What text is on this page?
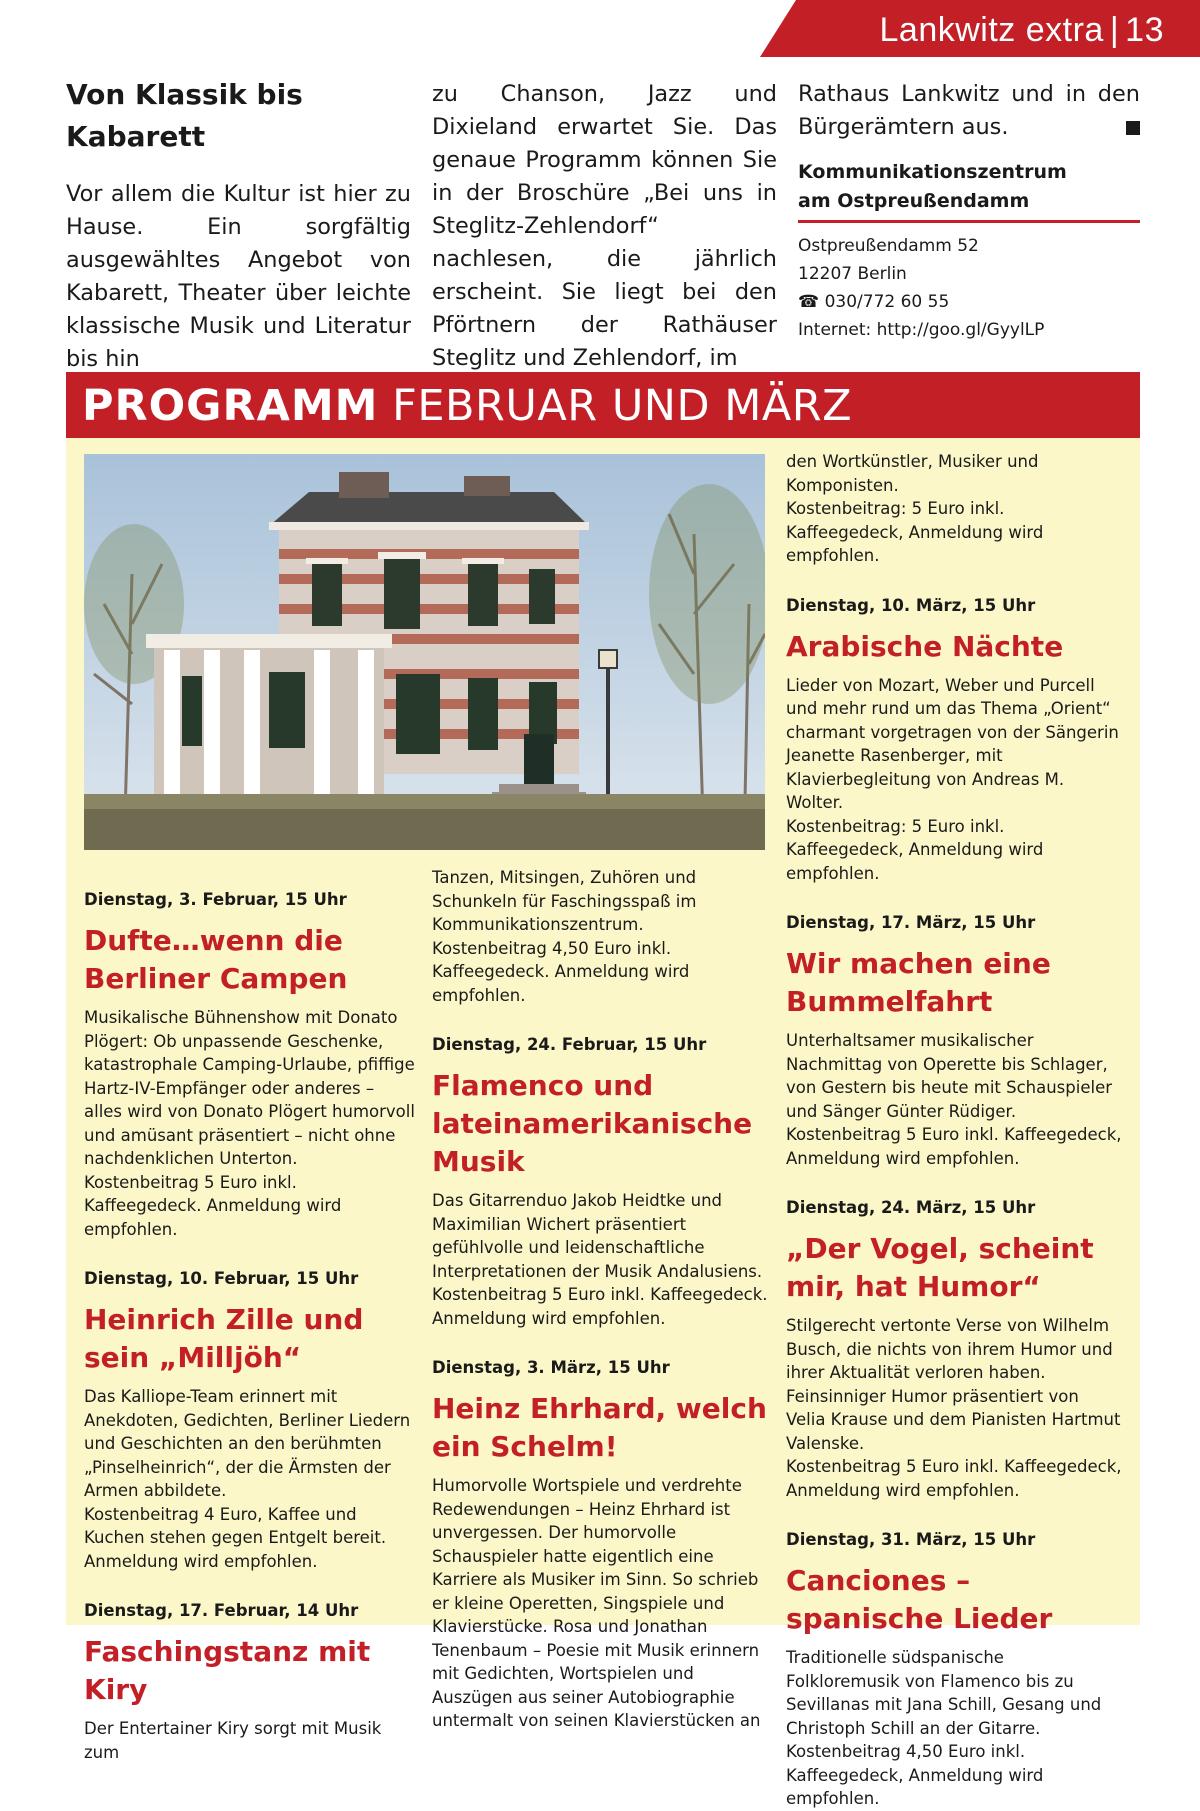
Lankwitz extra | 13
Von Klassik bis
Kabarett
Vor allem die Kultur ist hier zu Hause. Ein sorgfältig ausgewähltes Angebot von Kabarett, Theater über leichte klassische Musik und Literatur bis hin
zu Chanson, Jazz und Dixieland erwartet Sie. Das genaue Programm können Sie in der Broschüre „Bei uns in Steglitz-Zehlendorf“ nachlesen, die jährlich erscheint. Sie liegt bei den Pförtnern der Rathäuser Steglitz und Zehlendorf, im
Rathaus Lankwitz und in den Bürgerämtern aus.
Kommunikationszentrum
am Ostpreußendamm
Ostpreußendamm 52
12207 Berlin
☎ 030/772 60 55
Internet: http://goo.gl/GyylLP
PROGRAMM FEBRUAR UND MÄRZ
Dienstag, 3. Februar, 15 Uhr
Dufte…wenn die Berliner Campen
Musikalische Bühnenshow mit Donato Plögert: Ob unpassende Geschenke, katastrophale Camping-Urlaube, pfiffige Hartz-IV-Empfänger oder anderes – alles wird von Donato Plögert humorvoll und amüsant präsentiert – nicht ohne nachdenklichen Unterton.
Kostenbeitrag 5 Euro inkl. Kaffeegedeck. Anmeldung wird empfohlen.
Dienstag, 10. Februar, 15 Uhr
Heinrich Zille und sein „Milljöh“
Das Kalliope-Team erinnert mit Anekdoten, Gedichten, Berliner Liedern und Geschichten an den berühmten „Pinselheinrich“, der die Ärmsten der Armen abbildete.
Kostenbeitrag 4 Euro, Kaffee und Kuchen stehen gegen Entgelt bereit. Anmeldung wird empfohlen.
Dienstag, 17. Februar, 14 Uhr
Faschingstanz mit Kiry
Der Entertainer Kiry sorgt mit Musik zum
Tanzen, Mitsingen, Zuhören und Schunkeln für Faschingsspaß im Kommunikationszentrum.
Kostenbeitrag 4,50 Euro inkl. Kaffeegedeck. Anmeldung wird empfohlen.
Dienstag, 24. Februar, 15 Uhr
Flamenco und lateinamerikanische Musik
Das Gitarrenduo Jakob Heidtke und Maximilian Wichert präsentiert gefühlvolle und leidenschaftliche Interpretationen der Musik Andalusiens.
Kostenbeitrag 5 Euro inkl. Kaffeegedeck. Anmeldung wird empfohlen.
Dienstag, 3. März, 15 Uhr
Heinz Ehrhard, welch ein Schelm!
Humorvolle Wortspiele und verdrehte Redewendungen – Heinz Ehrhard ist unvergessen. Der humorvolle Schauspieler hatte eigentlich eine Karriere als Musiker im Sinn. So schrieb er kleine Operetten, Singspiele und Klavierstücke. Rosa und Jonathan Tenenbaum – Poesie mit Musik erinnern mit Gedichten, Wortspielen und Auszügen aus seiner Autobiographie untermalt von seinen Klavierstücken an
den Wortkünstler, Musiker und Komponisten.
Kostenbeitrag: 5 Euro inkl. Kaffeegedeck, Anmeldung wird empfohlen.
Dienstag, 10. März, 15 Uhr
Arabische Nächte
Lieder von Mozart, Weber und Purcell und mehr rund um das Thema „Orient“ charmant vorgetragen von der Sängerin Jeanette Rasenberger, mit Klavierbegleitung von Andreas M. Wolter.
Kostenbeitrag: 5 Euro inkl. Kaffeegedeck, Anmeldung wird empfohlen.
Dienstag, 17. März, 15 Uhr
Wir machen eine Bummelfahrt
Unterhaltsamer musikalischer Nachmittag von Operette bis Schlager, von Gestern bis heute mit Schauspieler und Sänger Günter Rüdiger.
Kostenbeitrag 5 Euro inkl. Kaffeegedeck, Anmeldung wird empfohlen.
Dienstag, 24. März, 15 Uhr
„Der Vogel, scheint mir, hat Humor“
Stilgerecht vertonte Verse von Wilhelm Busch, die nichts von ihrem Humor und ihrer Aktualität verloren haben. Feinsinniger Humor präsentiert von Velia Krause und dem Pianisten Hartmut Valenske.
Kostenbeitrag 5 Euro inkl. Kaffeegedeck, Anmeldung wird empfohlen.
Dienstag, 31. März, 15 Uhr
Canciones – spanische Lieder
Traditionelle südspanische Folkloremusik von Flamenco bis zu Sevillanas mit Jana Schill, Gesang und Christoph Schill an der Gitarre.
Kostenbeitrag 4,50 Euro inkl. Kaffeegedeck, Anmeldung wird empfohlen.
